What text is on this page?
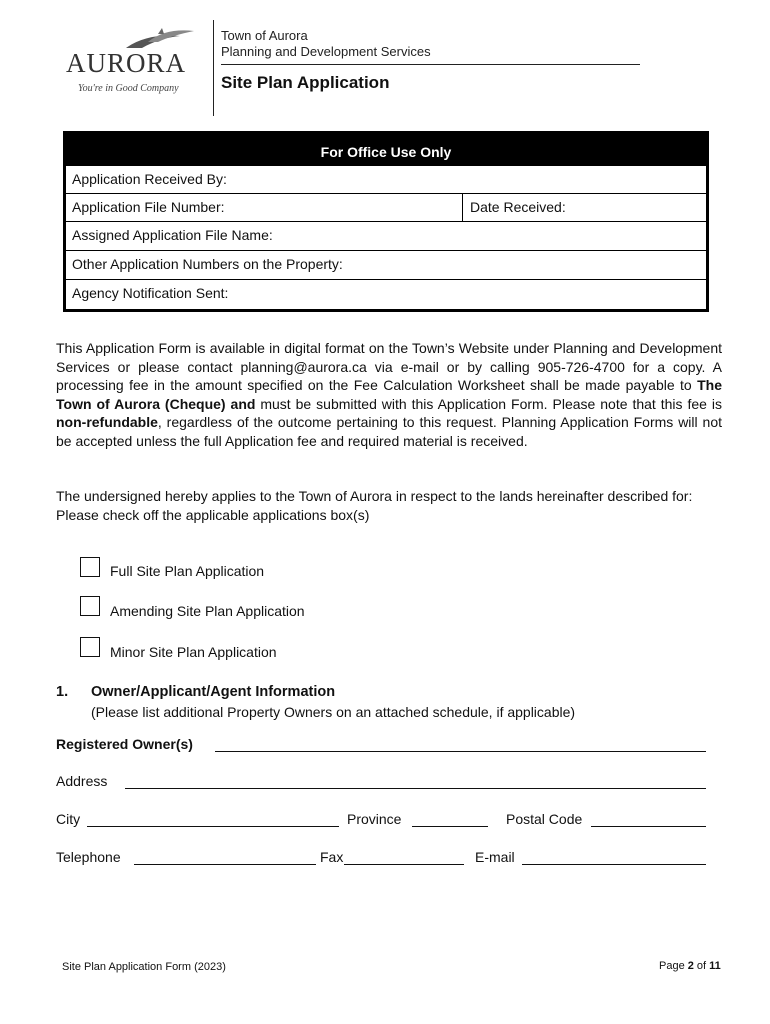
AURORA
You're in Good Company
Town of Aurora
Planning and Development Services
Site Plan Application
For Office Use Only
Application Received By:
Application File Number:	Date Received:
Assigned Application File Name:
Other Application Numbers on the Property:
Agency Notification Sent:
This Application Form is available in digital format on the Town’s Website under Planning and Development Services or please contact planning@aurora.ca via e-mail or by calling 905-726-4700 for a copy. A processing fee in the amount specified on the Fee Calculation Worksheet shall be made payable to The Town of Aurora (Cheque) and must be submitted with this Application Form. Please note that this fee is non-refundable, regardless of the outcome pertaining to this request. Planning Application Forms will not be accepted unless the full Application fee and required material is received.
The undersigned hereby applies to the Town of Aurora in respect to the lands hereinafter described for:
Please check off the applicable applications box(s)
Full Site Plan Application
Amending Site Plan Application
Minor Site Plan Application
1. Owner/Applicant/Agent Information
(Please list additional Property Owners on an attached schedule, if applicable)
Registered Owner(s)
Address
City	Province	Postal Code
Telephone	Fax	E-mail
Site Plan Application Form (2023)	Page 2 of 11
